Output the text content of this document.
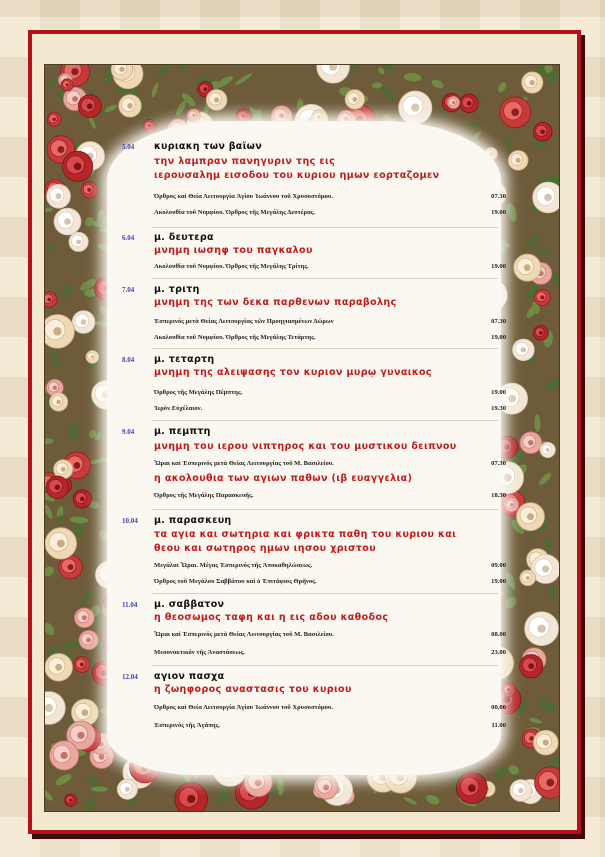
5.04	κυριακη των βαϊων
την λαμπραν πανηγυριν της εις
ιερουσαλημ εισοδου του κυριου ημων εορταζομεν
Όρθρος καὶ Θεία Λειτουργία Ἁγίου Ἰωάννου τοῦ Χρυσοστόμου.	07.30
Ακολουθία τοῦ Νυμφίου. Όρθρος τῆς Μεγάλης Δευτέρας.	19.00
6.04	μ. δευτερα
μνημη ιωσηφ του παγκαλου
Ακολουθία τοῦ Νυμφίου. Όρθρος τῆς Μεγάλης Τρίτης.	19.00
7.04	μ. τριτη
μνημη της των δεκα παρθενων παραβολης
Ἑσπερινός μετὰ Θείας Λειτουργίας τῶν Προηγιασμένων Δώρων	07.30
Ακολουθία τοῦ Νυμφίου. Όρθρος τῆς Μεγάλης Τετάρτης.	19.00
8.04	μ. τεταρτη
μνημη της αλειψασης τον κυριον μυρῳ γυναικος
Όρθρος τῆς Μεγάλης Πέμπτης.	19.00
Ἱερὸν Εὐχέλαιον.	19.30
9.04	μ. πεμπτη
μνημη του ιερου νιπτηρος και του μυστικου δειπνου
Ὧραι καὶ Ἑσπερινός μετὰ Θείας Λειτουργίας τοῦ Μ. Βασιλείου.	07.30
η ακολουθια των αγιων παθων (ιβ ευαγγελια)
Όρθρος τῆς Μεγάλης Παρασκευῆς.	18.30
10.04	μ. παρασκευη
τα αγια και σωτηρια και φρικτα παθη του κυριου και
θεου και σωτηρος ημων ιησου χριστου
Μεγάλαι Ὧραι. Μέγας Ἑσπερινός τῆς Ἀποκαθηλώσεως.	09.00
Όρθρος τοῦ Μεγάλου Σαββάτου καὶ ὁ Ἐπιτάφιος Θρῆνος.	19.00
11.04	μ. σαββατον
η θεοσωμος ταφη και η εις αδου καθοδος
Ὧραι καὶ Ἑσπερινός μετὰ Θείας Λειτουργίας τοῦ Μ. Βασιλείου.	08.00
Μεσονυκτικόν τῆς Ἀναστάσεως.	23.00
12.04	αγιον πασχα
η ζωηφορος αναστασις του κυριου
Όρθρος καὶ Θεία Λειτουργία Ἁγίου Ἰωάννου τοῦ Χρυσοστόμου.	00.00
Ἑσπερινός τῆς Ἀγάπης.	11.00
